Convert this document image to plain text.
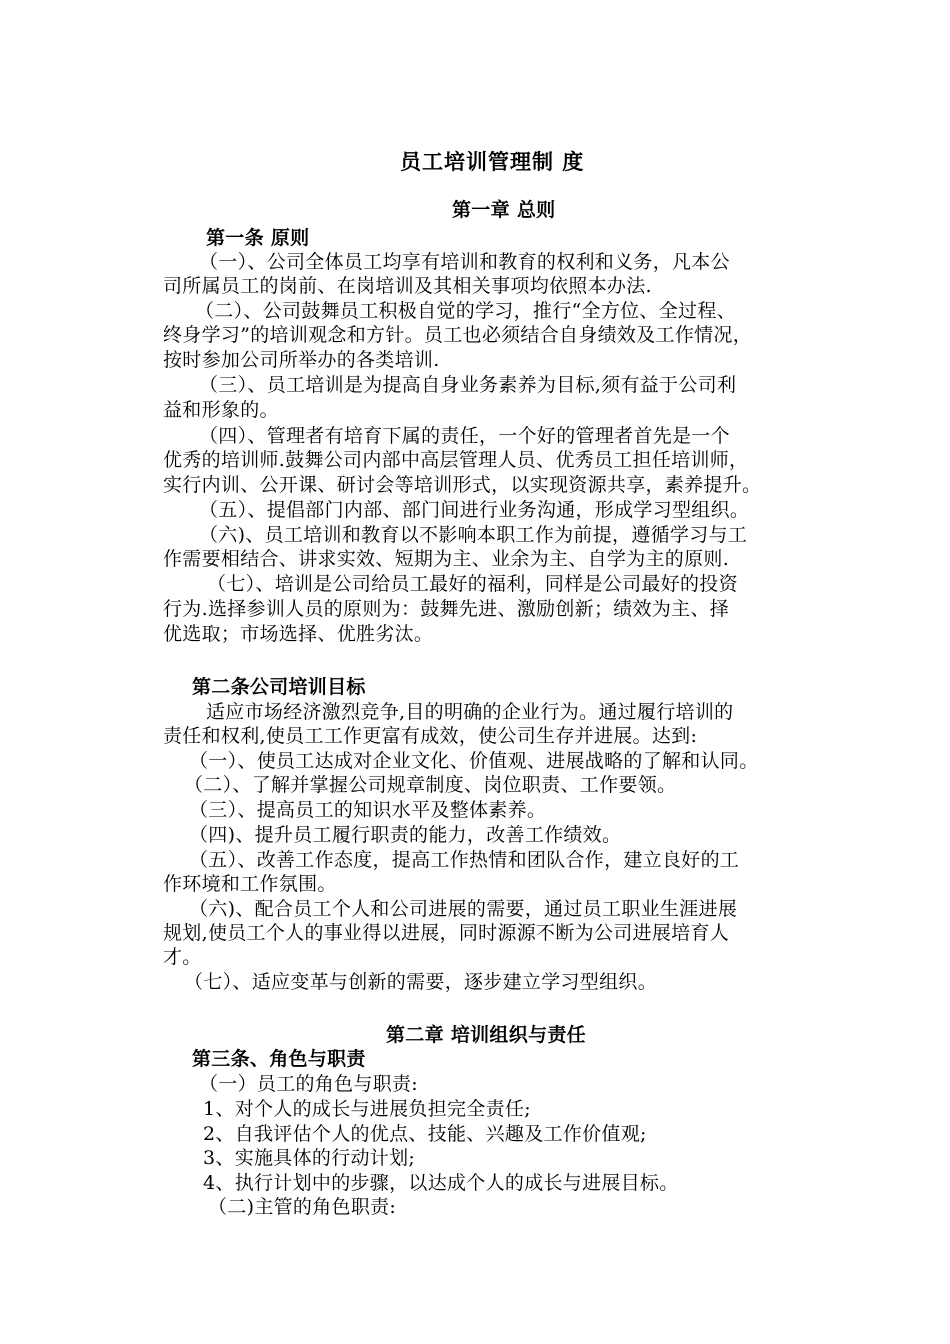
员工培训管理制 度
第一章 总则
第一条 原则
（一）、公司全体员工均享有培训和教育的权利和义务，凡本公
司所属员工的岗前、在岗培训及其相关事项均依照本办法.
（二）、公司鼓舞员工积极自觉的学习，推行“全方位、全过程、
终身学习”的培训观念和方针。员工也必须结合自身绩效及工作情况，
按时参加公司所举办的各类培训.
（三）、员工培训是为提高自身业务素养为目标,须有益于公司利
益和形象的。
（四）、管理者有培育下属的责任，一个好的管理者首先是一个
优秀的培训师.鼓舞公司内部中高层管理人员、优秀员工担任培训师，
实行内训、公开课、研讨会等培训形式，以实现资源共享，素养提升。
（五）、提倡部门内部、部门间进行业务沟通，形成学习型组织。
（六)、员工培训和教育以不影响本职工作为前提，遵循学习与工
作需要相结合、讲求实效、短期为主、业余为主、自学为主的原则.
（七）、培训是公司给员工最好的福利，同样是公司最好的投资
行为.选择参训人员的原则为：鼓舞先进、激励创新；绩效为主、择
优选取；市场选择、优胜劣汰。
第二条公司培训目标
适应市场经济激烈竞争,目的明确的企业行为。通过履行培训的
责任和权利,使员工工作更富有成效，使公司生存并进展。达到:
（一）、使员工达成对企业文化、价值观、进展战略的了解和认同。
（二）、了解并掌握公司规章制度、岗位职责、工作要领。
（三）、提高员工的知识水平及整体素养。
（四)、提升员工履行职责的能力，改善工作绩效。
（五）、改善工作态度，提高工作热情和团队合作，建立良好的工
作环境和工作氛围。
（六)、配合员工个人和公司进展的需要，通过员工职业生涯进展
规划,使员工个人的事业得以进展，同时源源不断为公司进展培育人
才。
（七）、适应变革与创新的需要，逐步建立学习型组织。
第二章 培训组织与责任
第三条、角色与职责
（一）员工的角色与职责:
1、对个人的成长与进展负担完全责任;
2、自我评估个人的优点、技能、兴趣及工作价值观;
3、实施具体的行动计划;
4、执行计划中的步骤，以达成个人的成长与进展目标。
（二)主管的角色职责:
